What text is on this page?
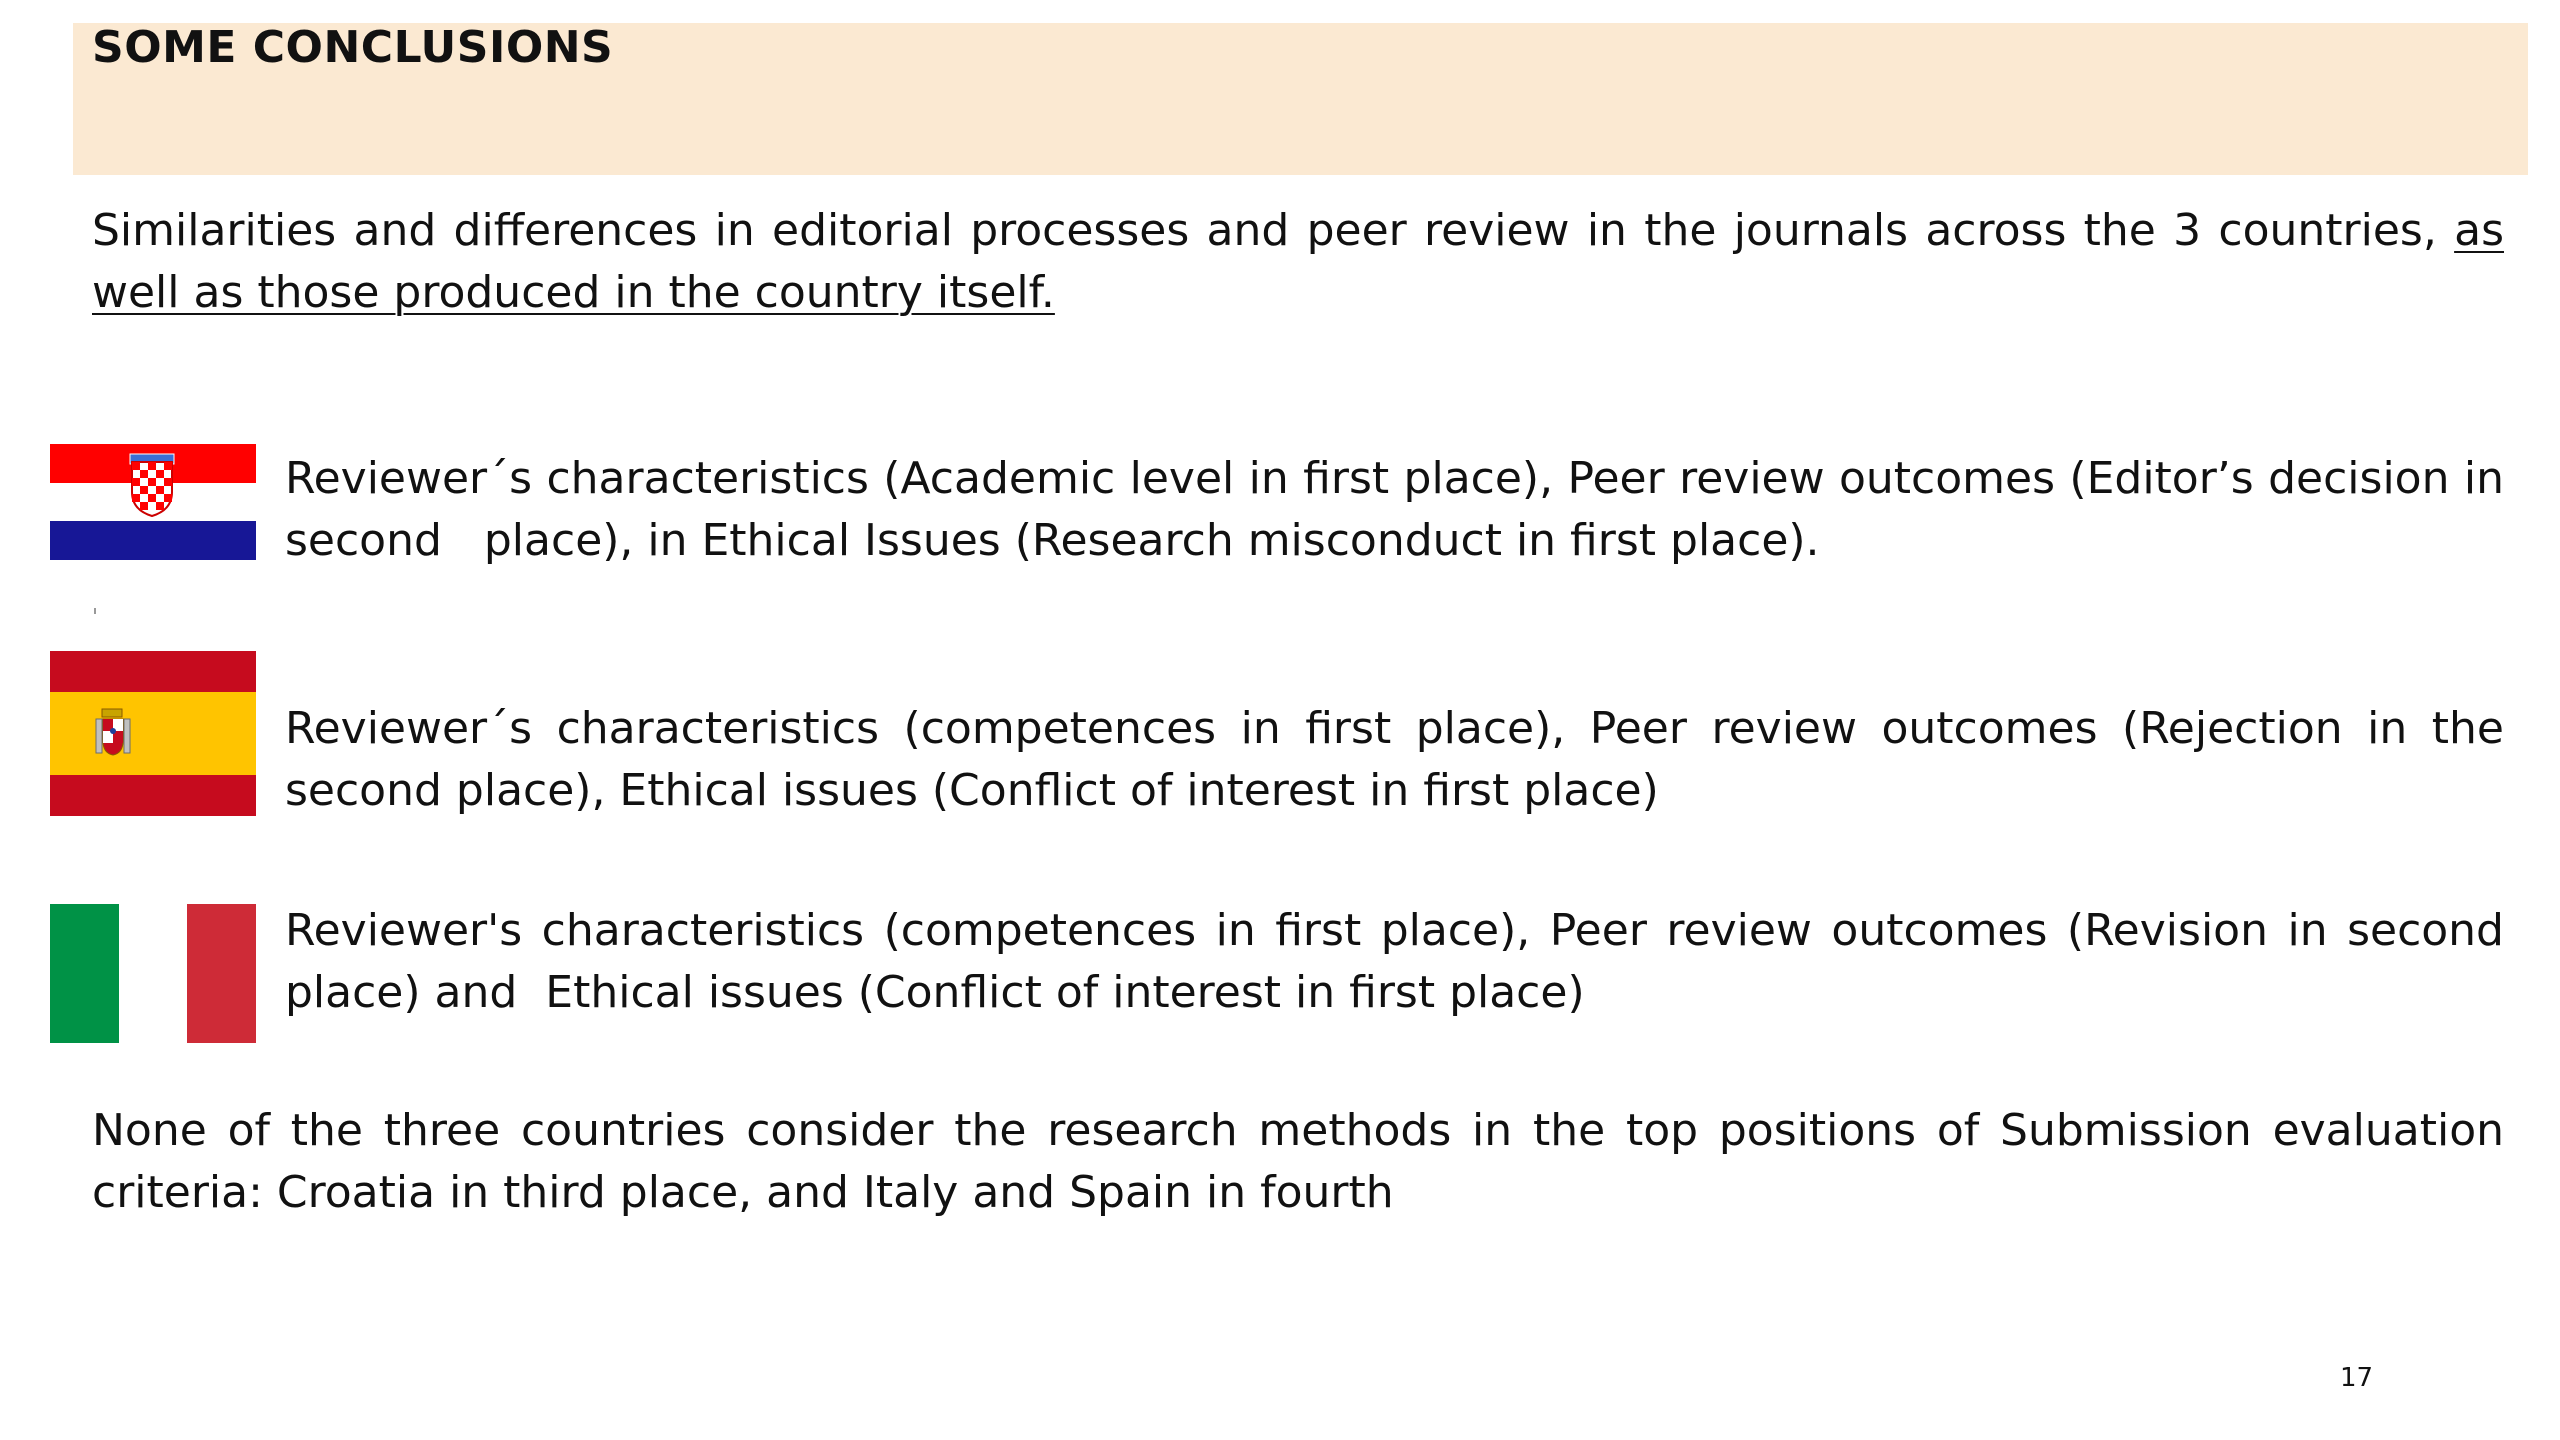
SOME CONCLUSIONS

Similarities and differences in editorial processes and peer review in the journals across the 3 countries, as well as those produced in the country itself.

Reviewer´s characteristics (Academic level in first place), Peer review outcomes (Editor’s decision in second   place), in Ethical Issues (Research misconduct in first place).

Reviewer´s characteristics (competences in first place), Peer review outcomes (Rejection in the second place), Ethical issues (Conflict of interest in first place)

Reviewer's characteristics (competences in first place), Peer review outcomes (Revision in second place) and  Ethical issues (Conflict of interest in first place)

None of the three countries consider the research methods in the top positions of Submission evaluation criteria: Croatia in third place, and Italy and Spain in fourth

17
